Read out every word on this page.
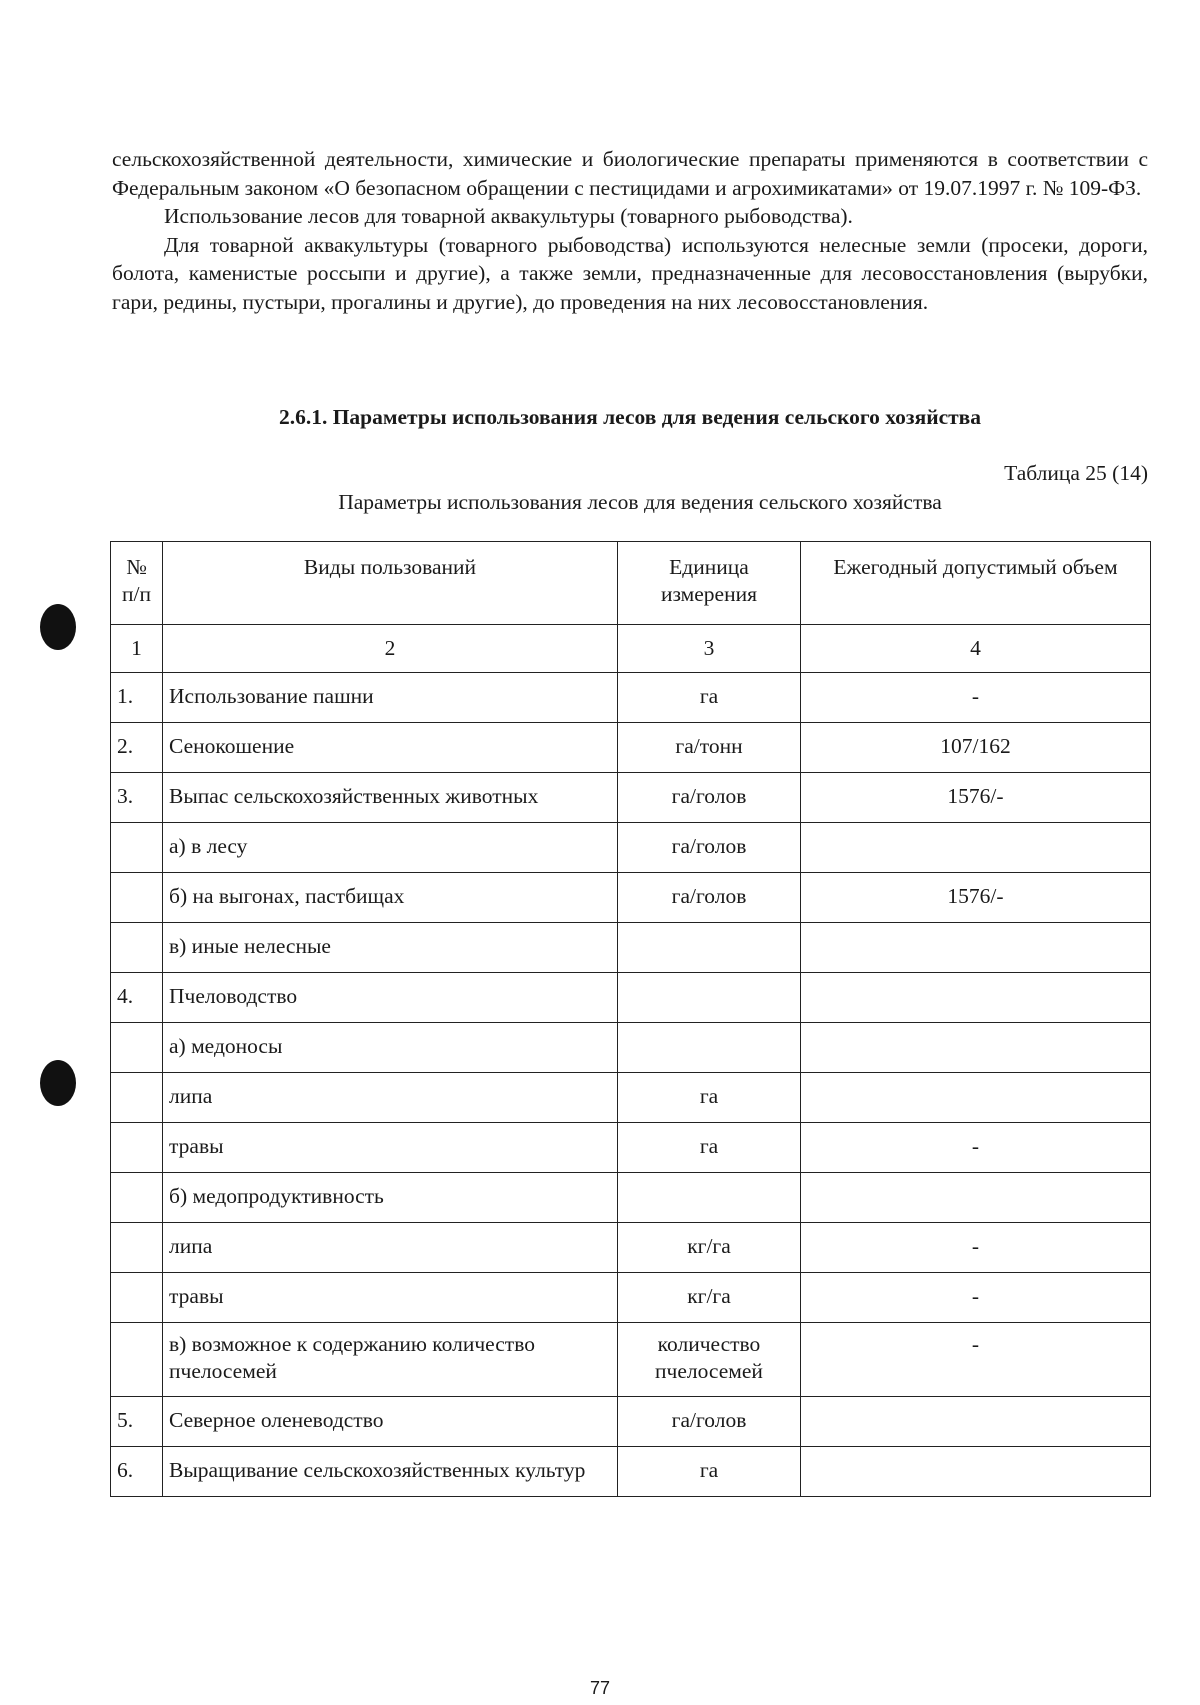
сельскохозяйственной деятельности, химические и биологические препараты применяются в соответствии с Федеральным законом «О безопасном обращении с пестицидами и агрохимикатами» от 19.07.1997 г. № 109-ФЗ.

Использование лесов для товарной аквакультуры (товарного рыбоводства).

Для товарной аквакультуры (товарного рыбоводства) используются нелесные земли (просеки, дороги, болота, каменистые россыпи и другие), а также земли, предназначенные для лесовосстановления (вырубки, гари, редины, пустыри, прогалины и другие), до проведения на них лесовосстановления.

2.6.1. Параметры использования лесов для ведения сельского хозяйства
Таблица 25 (14)
Параметры использования лесов для ведения сельского хозяйства
№ п/п	Виды пользований	Единица измерения	Ежегодный допустимый объем
1	2	3	4
1.	Использование пашни	га	-
2.	Сенокошение	га/тонн	107/162
3.	Выпас сельскохозяйственных животных	га/голов	1576/-
	а) в лесу	га/голов	
	б) на выгонах, пастбищах	га/голов	1576/-
	в) иные нелесные		
4.	Пчеловодство		
	а) медоносы		
	липа	га	
	травы	га	-
	б) медопродуктивность		
	липа	кг/га	-
	травы	кг/га	-
	в) возможное к содержанию количество пчелосемей	количество пчелосемей	-
5.	Северное оленеводство	га/голов	
6.	Выращивание сельскохозяйственных культур	га	
77
